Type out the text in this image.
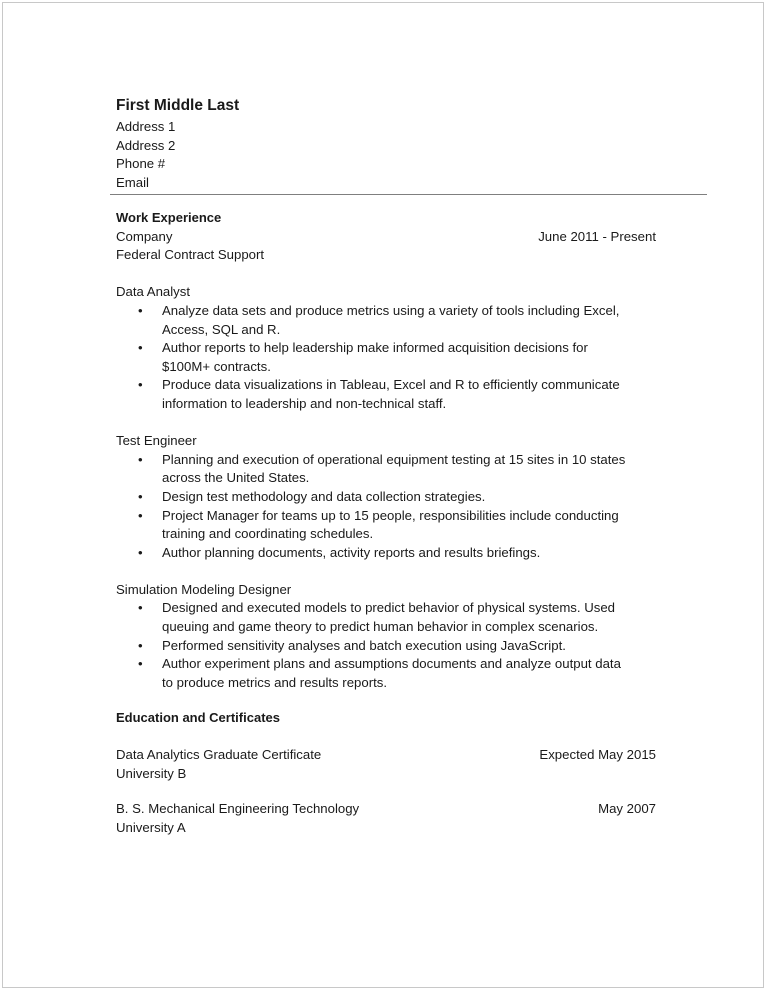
First Middle Last
Address 1
Address 2
Phone #
Email
Work Experience
Company	June 2011 - Present
Federal Contract Support
Data Analyst
• Analyze data sets and produce metrics using a variety of tools including Excel,
Access, SQL and R.
• Author reports to help leadership make informed acquisition decisions for
$100M+ contracts.
• Produce data visualizations in Tableau, Excel and R to efficiently communicate
information to leadership and non-technical staff.
Test Engineer
• Planning and execution of operational equipment testing at 15 sites in 10 states
across the United States.
• Design test methodology and data collection strategies.
• Project Manager for teams up to 15 people, responsibilities include conducting
training and coordinating schedules.
• Author planning documents, activity reports and results briefings.
Simulation Modeling Designer
• Designed and executed models to predict behavior of physical systems. Used
queuing and game theory to predict human behavior in complex scenarios.
• Performed sensitivity analyses and batch execution using JavaScript.
• Author experiment plans and assumptions documents and analyze output data
to produce metrics and results reports.
Education and Certificates
Data Analytics Graduate Certificate	Expected May 2015
University B
B. S. Mechanical Engineering Technology	May 2007
University A
